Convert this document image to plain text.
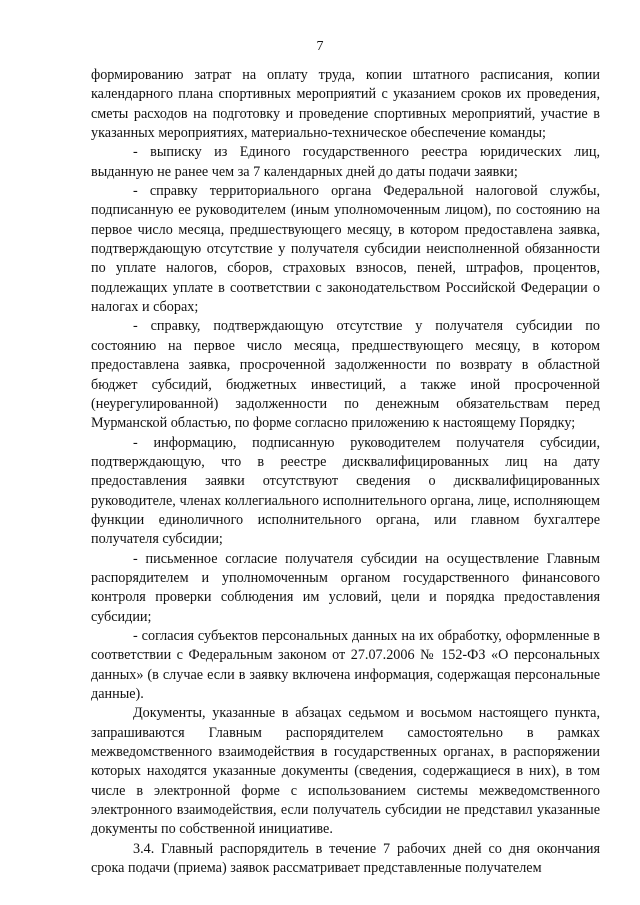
7

формированию затрат на оплату труда, копии штатного расписания, копии календарного плана спортивных мероприятий с указанием сроков их проведения, сметы расходов на подготовку и проведение спортивных мероприятий, участие в указанных мероприятиях, материально-техническое обеспечение команды;

- выписку из Единого государственного реестра юридических лиц, выданную не ранее чем за 7 календарных дней до даты подачи заявки;

- справку территориального органа Федеральной налоговой службы, подписанную ее руководителем (иным уполномоченным лицом), по состоянию на первое число месяца, предшествующего месяцу, в котором предоставлена заявка, подтверждающую отсутствие у получателя субсидии неисполненной обязанности по уплате налогов, сборов, страховых взносов, пеней, штрафов, процентов, подлежащих уплате в соответствии с законодательством Российской Федерации о налогах и сборах;

- справку, подтверждающую отсутствие у получателя субсидии по состоянию на первое число месяца, предшествующего месяцу, в котором предоставлена заявка, просроченной задолженности по возврату в областной бюджет субсидий, бюджетных инвестиций, а также иной просроченной (неурегулированной) задолженности по денежным обязательствам перед Мурманской областью, по форме согласно приложению к настоящему Порядку;

- информацию, подписанную руководителем получателя субсидии, подтверждающую, что в реестре дисквалифицированных лиц на дату предоставления заявки отсутствуют сведения о дисквалифицированных руководителе, членах коллегиального исполнительного органа, лице, исполняющем функции единоличного исполнительного органа, или главном бухгалтере получателя субсидии;

- письменное согласие получателя субсидии на осуществление Главным распорядителем и уполномоченным органом государственного финансового контроля проверки соблюдения им условий, цели и порядка предоставления субсидии;

- согласия субъектов персональных данных на их обработку, оформленные в соответствии с Федеральным законом от 27.07.2006 № 152-ФЗ «О персональных данных» (в случае если в заявку включена информация, содержащая персональные данные).

Документы, указанные в абзацах седьмом и восьмом настоящего пункта, запрашиваются Главным распорядителем самостоятельно в рамках межведомственного взаимодействия в государственных органах, в распоряжении которых находятся указанные документы (сведения, содержащиеся в них), в том числе в электронной форме с использованием системы межведомственного электронного взаимодействия, если получатель субсидии не представил указанные документы по собственной инициативе.

3.4. Главный распорядитель в течение 7 рабочих дней со дня окончания срока подачи (приема) заявок рассматривает представленные получателем
